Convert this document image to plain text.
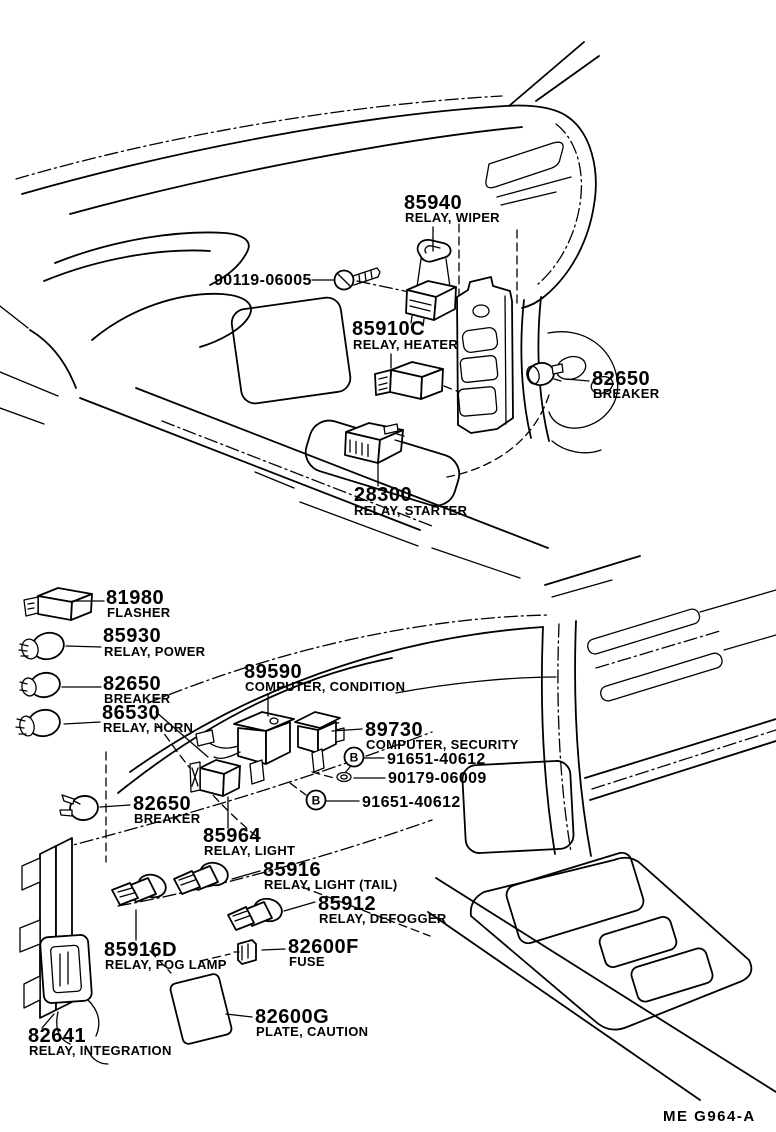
85940
RELAY, WIPER
90119-06005
85910C
RELAY, HEATER
82650
BREAKER
28300
RELAY, STARTER
B
B
81980
FLASHER
85930
RELAY, POWER
82650
BREAKER
86530
RELAY, HORN
89590
COMPUTER, CONDITION
89730
COMPUTER, SECURITY
91651-40612
90179-06009
91651-40612
82650
BREAKER
85964
RELAY, LIGHT
85916
RELAY, LIGHT (TAIL)
85912
RELAY, DEFOGGER
85916D
RELAY, FOG LAMP
82600F
FUSE
82600G
PLATE, CAUTION
82641
RELAY, INTEGRATION
ME G964-A
